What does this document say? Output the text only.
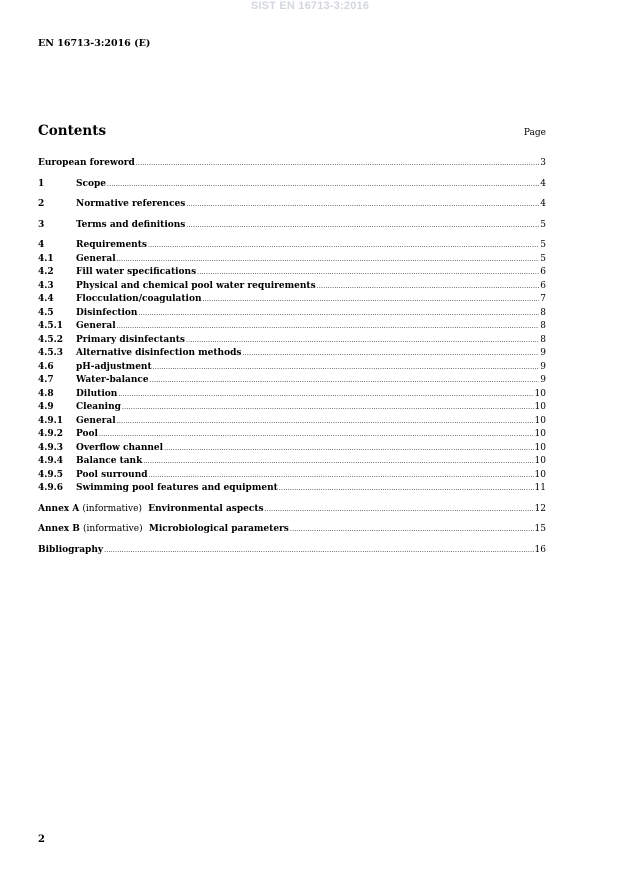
SIST EN 16713-3:2016
EN 16713-3:2016 (E)
Contents	Page
European foreword .....	3
1	Scope .....	4
2	Normative references .....	4
3	Terms and definitions .....	5
4	Requirements .....	5
4.1 General .....	5
4.2 Fill water specifications .....	6
4.3 Physical and chemical pool water requirements .....	6
4.4 Flocculation/coagulation .....	7
4.5 Disinfection .....	8
4.5.1 General .....	8
4.5.2 Primary disinfectants .....	8
4.5.3 Alternative disinfection methods .....	9
4.6 pH-adjustment .....	9
4.7 Water-balance .....	9
4.8 Dilution .....	10
4.9 Cleaning .....	10
4.9.1 General .....	10
4.9.2 Pool .....	10
4.9.3 Overflow channel .....	10
4.9.4 Balance tank .....	10
4.9.5 Pool surround .....	10
4.9.6 Swimming pool features and equipment .....	11
Annex A (informative) Environmental aspects .....	12
Annex B (informative) Microbiological parameters .....	15
Bibliography .....	16
2
